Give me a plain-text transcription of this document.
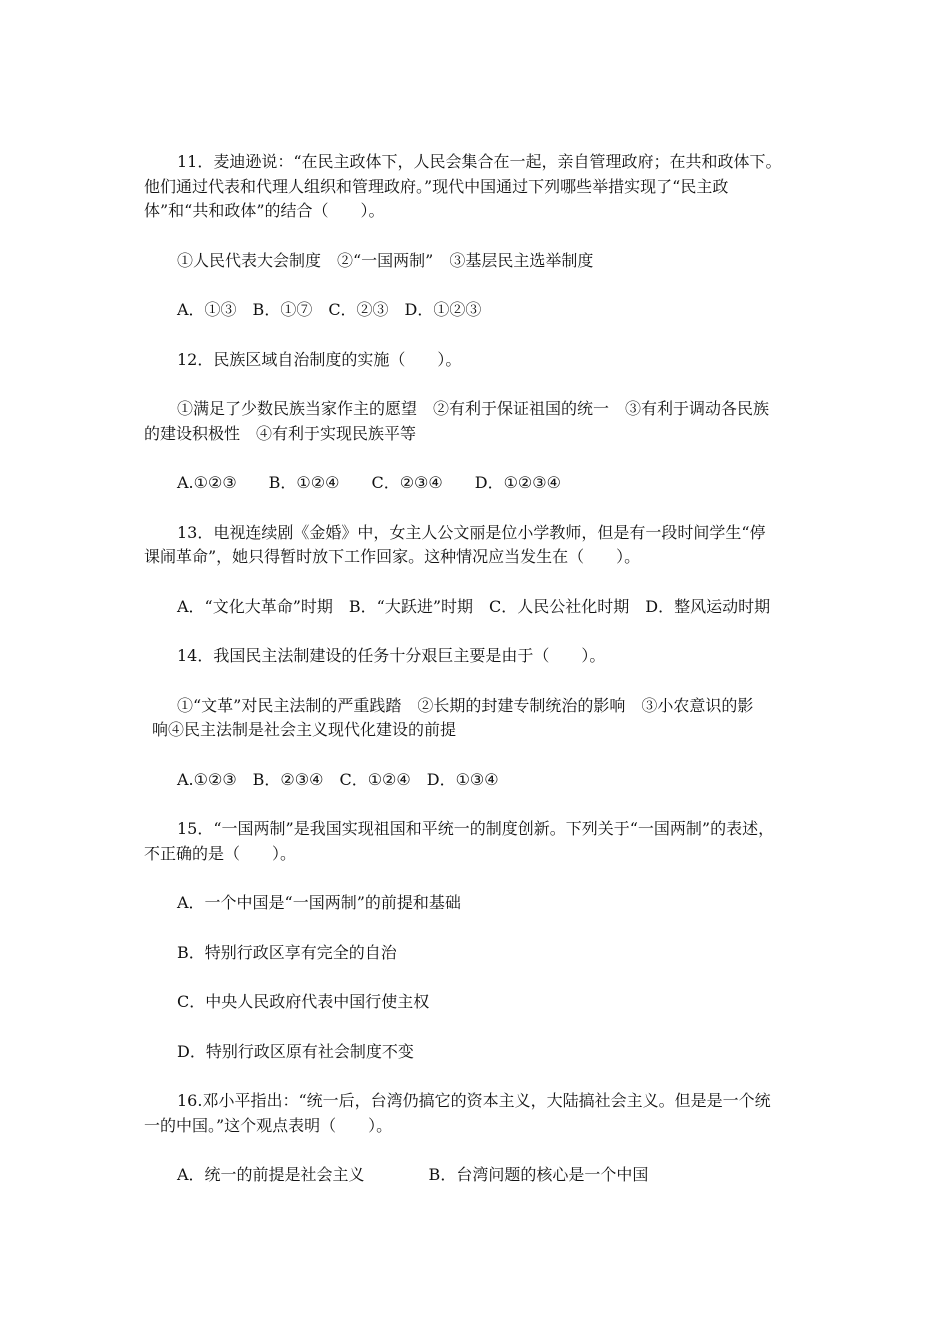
11．麦迪逊说：“在民主政体下，人民会集合在一起，亲自管理政府；在共和政体下。

他们通过代表和代理人组织和管理政府。”现代中国通过下列哪些举措实现了“民主政

体”和“共和政体”的结合（　　）。

①人民代表大会制度　②“一国两制”　③基层民主选举制度

A．①③　B．①⑦　C．②③　D．①②③

12．民族区域自治制度的实施（　　）。

①满足了少数民族当家作主的愿望　②有利于保证祖国的统一　③有利于调动各民族

的建设积极性　④有利于实现民族平等

A.①②③　　B．①②④　　C．②③④　　D．①②③④

13．电视连续剧《金婚》中，女主人公文丽是位小学教师，但是有一段时间学生“停

课闹革命”，她只得暂时放下工作回家。这种情况应当发生在（　　）。

A．“文化大革命”时期　B．“大跃进”时期　C．人民公社化时期　D．整风运动时期

14．我国民主法制建设的任务十分艰巨主要是由于（　　）。

①“文革”对民主法制的严重践踏　②长期的封建专制统治的影响　③小农意识的影

响④民主法制是社会主义现代化建设的前提

A.①②③　B．②③④　C．①②④　D．①③④

15．“一国两制”是我国实现祖国和平统一的制度创新。下列关于“一国两制”的表述，

不正确的是（　　）。

A．一个中国是“一国两制”的前提和基础

B．特别行政区享有完全的自治

C．中央人民政府代表中国行使主权

D．特别行政区原有社会制度不变

16.邓小平指出：“统一后，台湾仍搞它的资本主义，大陆搞社会主义。但是是一个统

一的中国。”这个观点表明（　　）。

A．统一的前提是社会主义　　　　B．台湾问题的核心是一个中国
